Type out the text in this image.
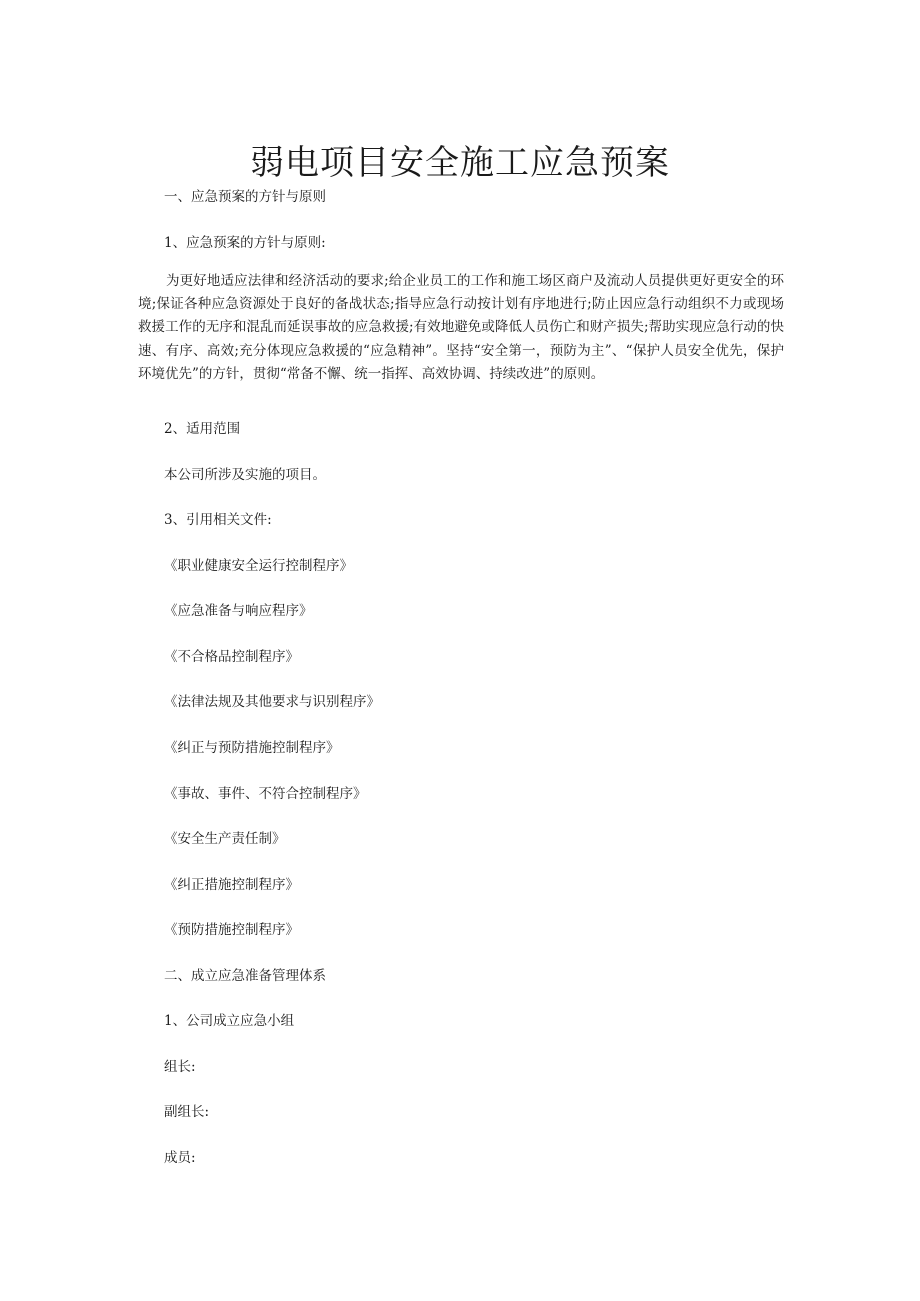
弱电项目安全施工应急预案
一、应急预案的方针与原则
1、应急预案的方针与原则:

为更好地适应法律和经济活动的要求;给企业员工的工作和施工场区商户及流动人员提供更好更安全的环境;保证各种应急资源处于良好的备战状态;指导应急行动按计划有序地进行;防止因应急行动组织不力或现场救援工作的无序和混乱而延误事故的应急救援;有效地避免或降低人员伤亡和财产损失;帮助实现应急行动的快速、有序、高效;充分体现应急救援的“应急精神”。坚持“安全第一，预防为主”、“保护人员安全优先，保护环境优先”的方针，贯彻“常备不懈、统一指挥、高效协调、持续改进”的原则。

2、适用范围
本公司所涉及实施的项目。
3、引用相关文件:
《职业健康安全运行控制程序》
《应急准备与响应程序》
《不合格品控制程序》
《法律法规及其他要求与识别程序》
《纠正与预防措施控制程序》
《事故、事件、不符合控制程序》
《安全生产责任制》
《纠正措施控制程序》
《预防措施控制程序》
二、成立应急准备管理体系
1、公司成立应急小组
组长:
副组长:
成员:
